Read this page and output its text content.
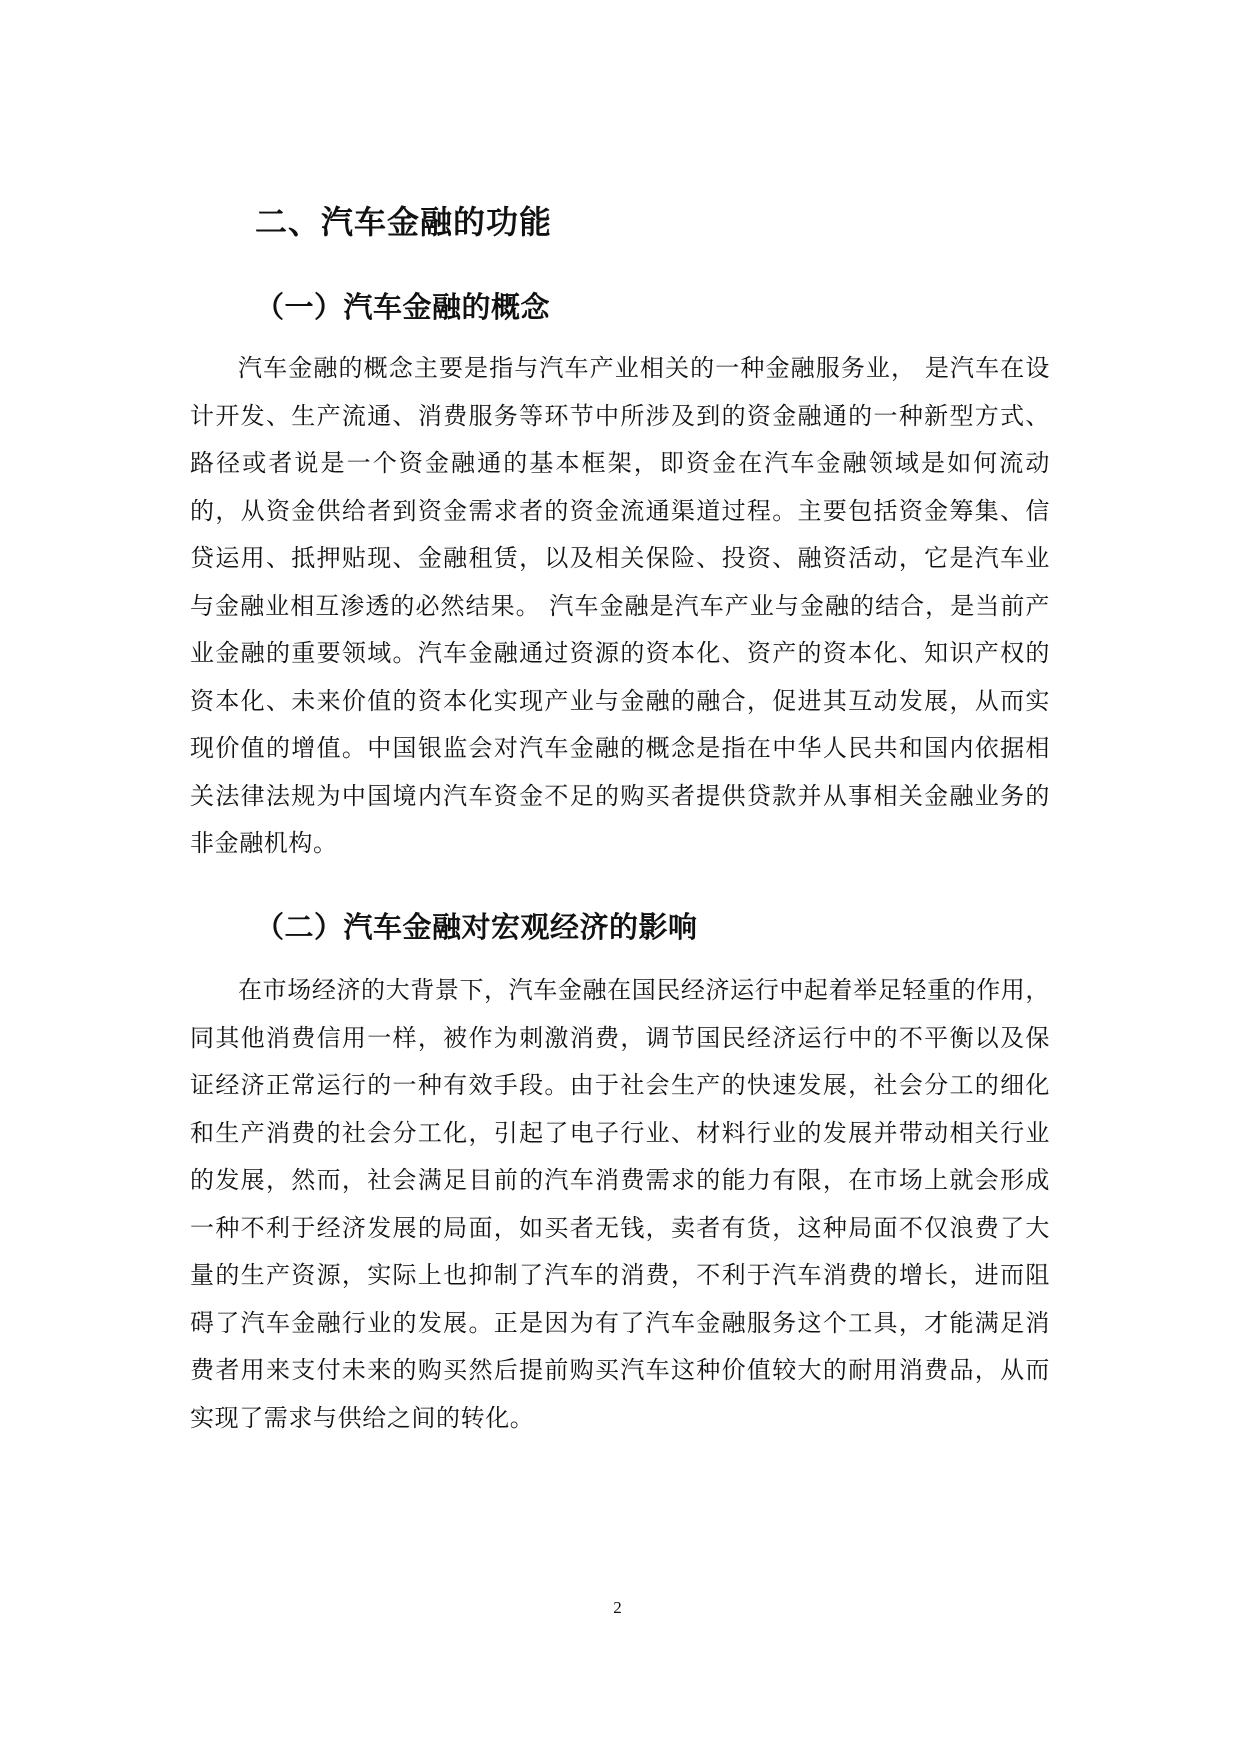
二、汽车金融的功能
（一）汽车金融的概念

汽车金融的概念主要是指与汽车产业相关的一种金融服务业， 是汽车在设计开发、生产流通、消费服务等环节中所涉及到的资金融通的一种新型方式、路径或者说是一个资金融通的基本框架，即资金在汽车金融领域是如何流动的，从资金供给者到资金需求者的资金流通渠道过程。主要包括资金筹集、信贷运用、抵押贴现、金融租赁，以及相关保险、投资、融资活动，它是汽车业与金融业相互渗透的必然结果。 汽车金融是汽车产业与金融的结合，是当前产业金融的重要领域。汽车金融通过资源的资本化、资产的资本化、知识产权的资本化、未来价值的资本化实现产业与金融的融合，促进其互动发展，从而实现价值的增值。中国银监会对汽车金融的概念是指在中华人民共和国内依据相关法律法规为中国境内汽车资金不足的购买者提供贷款并从事相关金融业务的非金融机构。

（二）汽车金融对宏观经济的影响

在市场经济的大背景下，汽车金融在国民经济运行中起着举足轻重的作用，同其他消费信用一样，被作为刺激消费，调节国民经济运行中的不平衡以及保证经济正常运行的一种有效手段。由于社会生产的快速发展，社会分工的细化和生产消费的社会分工化，引起了电子行业、材料行业的发展并带动相关行业的发展，然而，社会满足目前的汽车消费需求的能力有限，在市场上就会形成一种不利于经济发展的局面，如买者无钱，卖者有货，这种局面不仅浪费了大量的生产资源，实际上也抑制了汽车的消费，不利于汽车消费的增长，进而阻碍了汽车金融行业的发展。正是因为有了汽车金融服务这个工具，才能满足消费者用来支付未来的购买然后提前购买汽车这种价值较大的耐用消费品，从而实现了需求与供给之间的转化。

2
